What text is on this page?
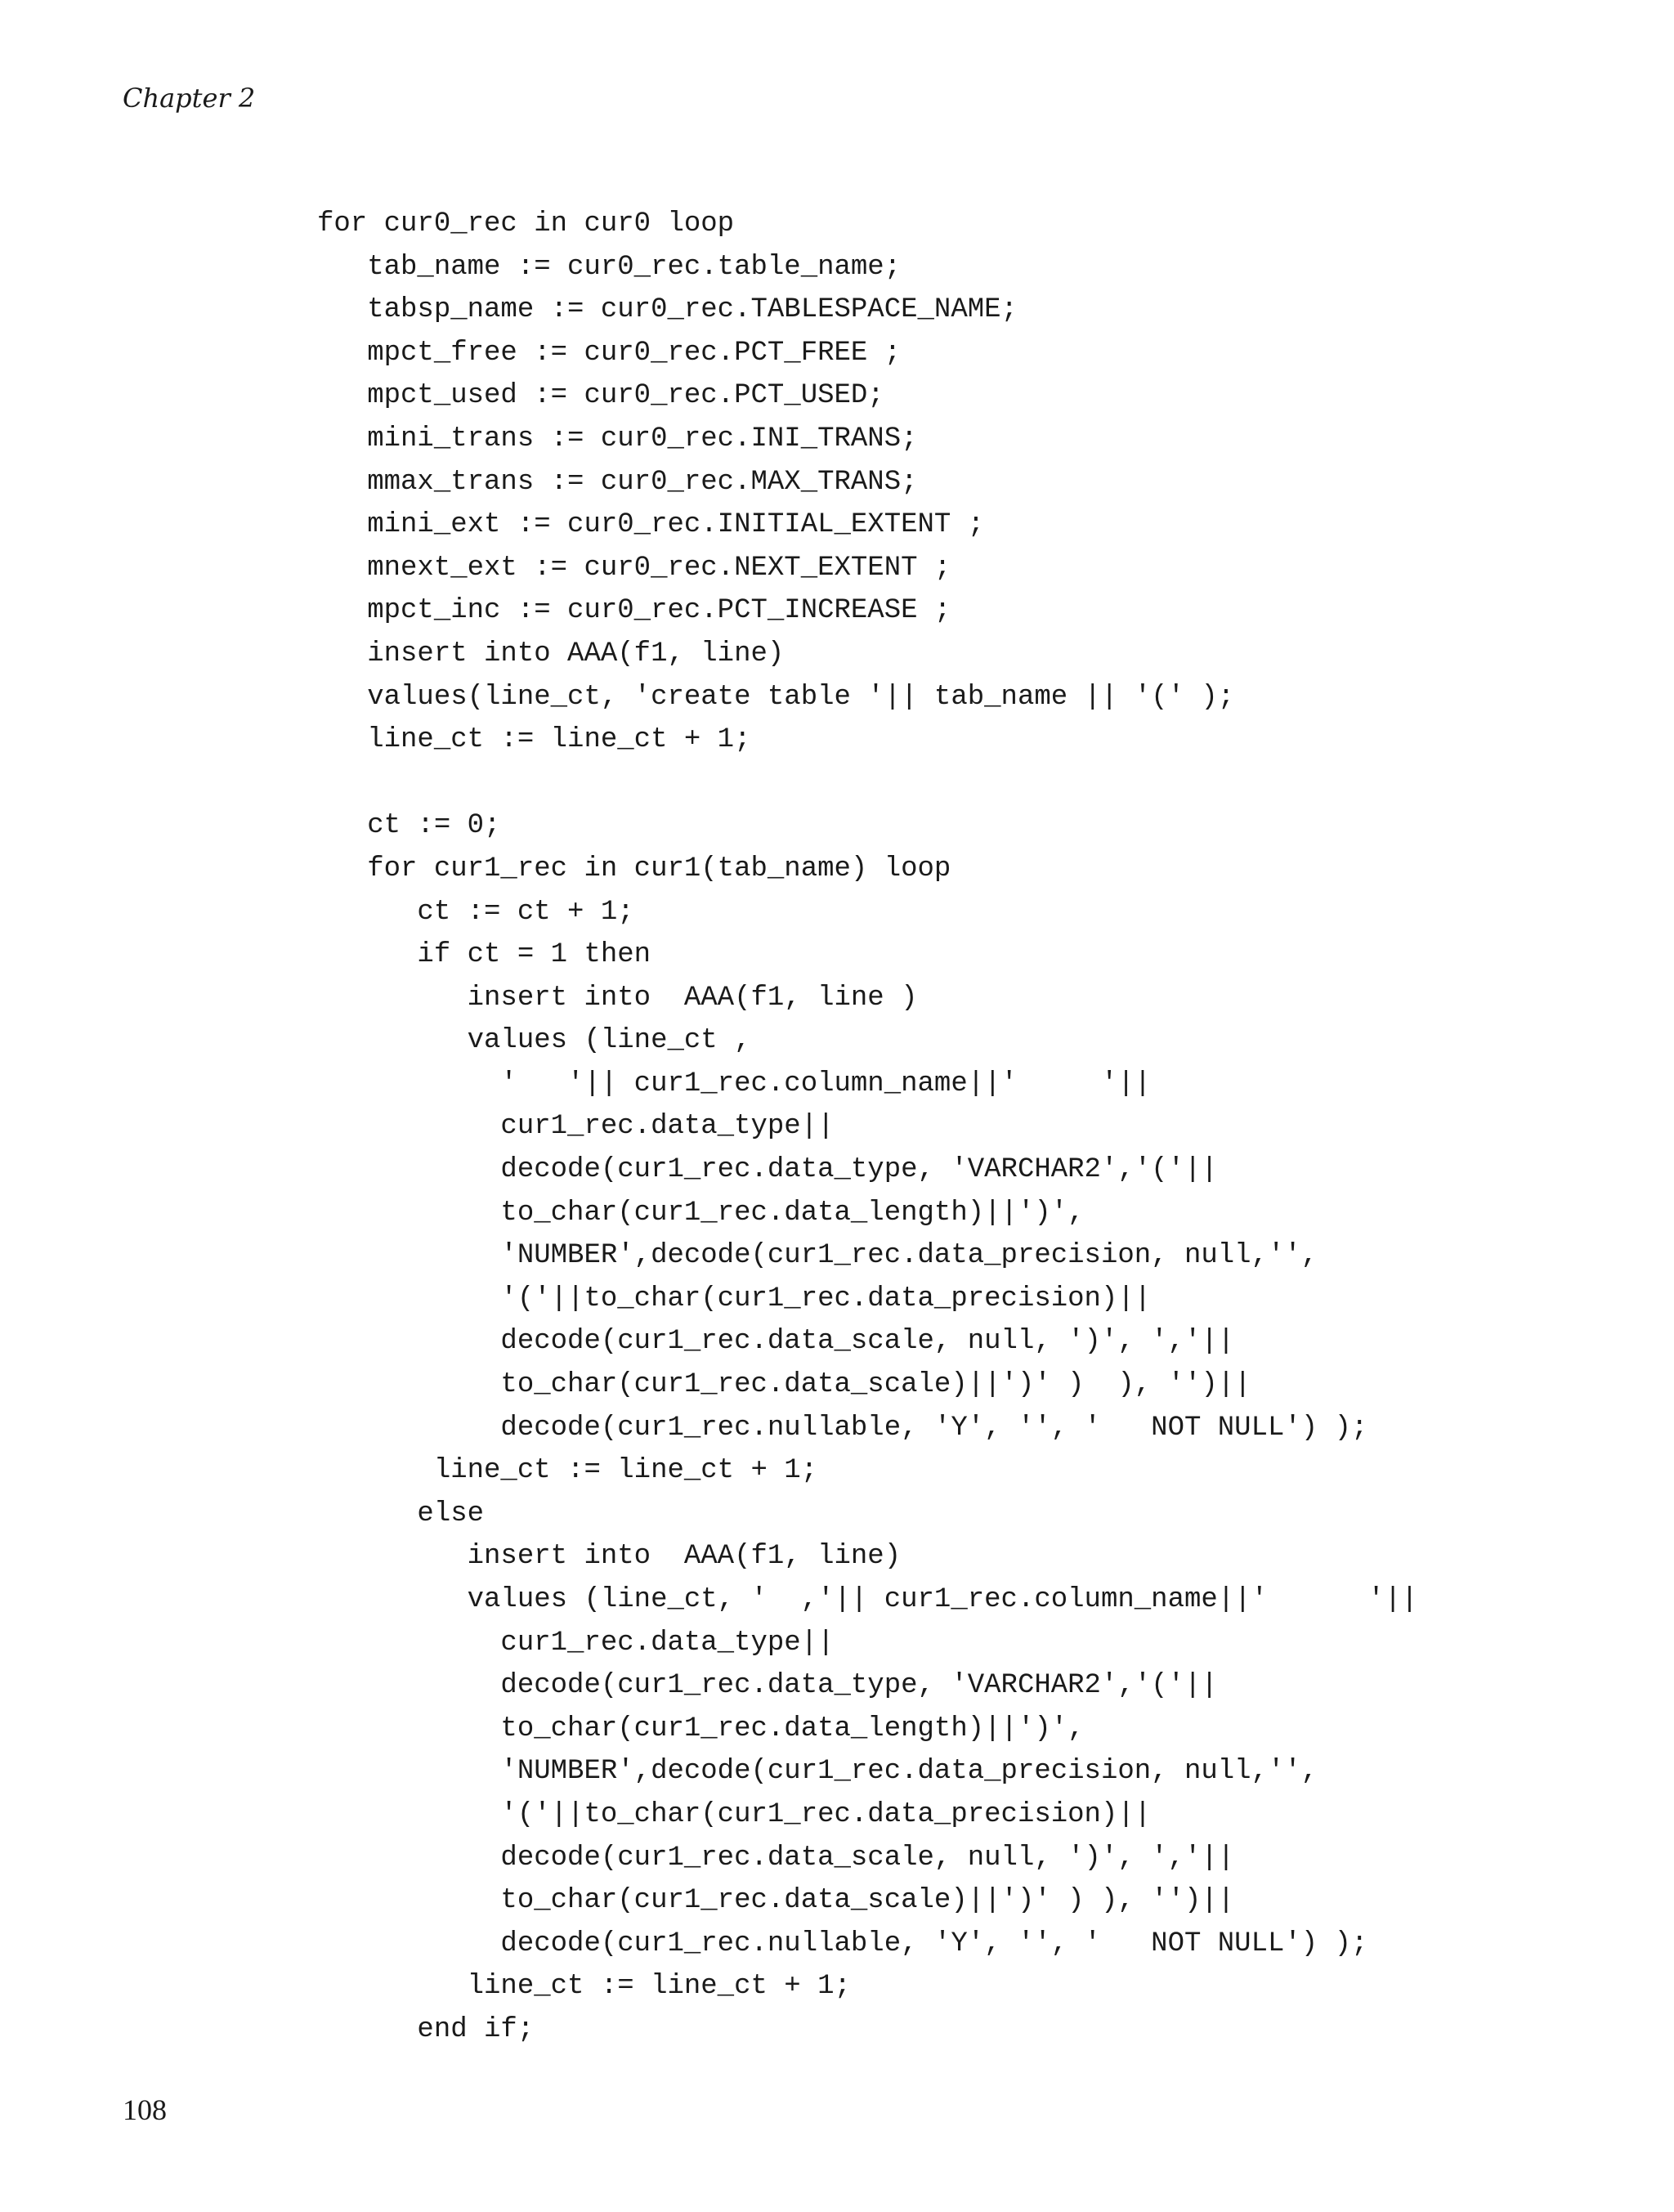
Chapter 2
for cur0_rec in cur0 loop
tab_name := cur0_rec.table_name;
tabsp_name := cur0_rec.TABLESPACE_NAME;
mpct_free := cur0_rec.PCT_FREE ;
mpct_used := cur0_rec.PCT_USED;
mini_trans := cur0_rec.INI_TRANS;
mmax_trans := cur0_rec.MAX_TRANS;
mini_ext := cur0_rec.INITIAL_EXTENT ;
mnext_ext := cur0_rec.NEXT_EXTENT ;
mpct_inc := cur0_rec.PCT_INCREASE ;
insert into AAA(f1, line)
values(line_ct, 'create table '|| tab_name || '(' );
line_ct := line_ct + 1;
ct := 0;
for cur1_rec in cur1(tab_name) loop
ct := ct + 1;
if ct = 1 then
insert into  AAA(f1, line )
values (line_ct ,
'   '|| cur1_rec.column_name||'     '||
cur1_rec.data_type||
decode(cur1_rec.data_type, 'VARCHAR2','('||
to_char(cur1_rec.data_length)||')',
'NUMBER',decode(cur1_rec.data_precision, null,'',
'('||to_char(cur1_rec.data_precision)||
decode(cur1_rec.data_scale, null, ')', ','||
to_char(cur1_rec.data_scale)||')' )  ), '')||
decode(cur1_rec.nullable, 'Y', '', '   NOT NULL') );
line_ct := line_ct + 1;
else
insert into  AAA(f1, line)
values (line_ct, '  ,'|| cur1_rec.column_name||'      '||
cur1_rec.data_type||
decode(cur1_rec.data_type, 'VARCHAR2','('||
to_char(cur1_rec.data_length)||')',
'NUMBER',decode(cur1_rec.data_precision, null,'',
'('||to_char(cur1_rec.data_precision)||
decode(cur1_rec.data_scale, null, ')', ','||
to_char(cur1_rec.data_scale)||')' ) ), '')||
decode(cur1_rec.nullable, 'Y', '', '   NOT NULL') );
line_ct := line_ct + 1;
end if;
108
